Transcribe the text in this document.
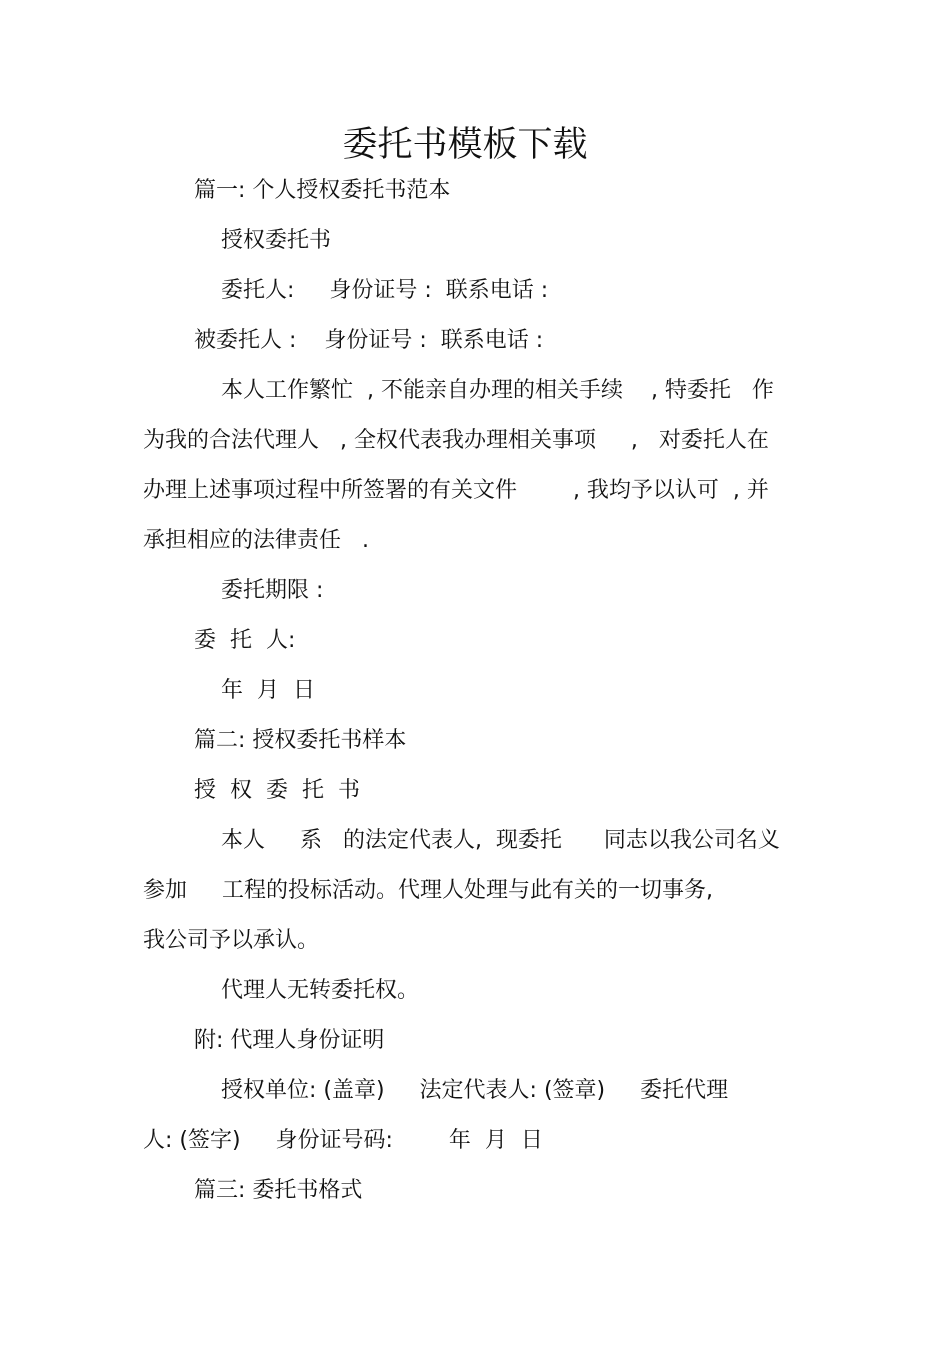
委托书模板下载
篇一: 个人授权委托书范本
授权委托书
委托人:     身份证号 :  联系电话 :
被委托人 :    身份证号 :  联系电话 :
本人工作繁忙  , 不能亲自办理的相关手续    , 特委托   作
为我的合法代理人   , 全权代表我办理相关事项     ,   对委托人在
办理上述事项过程中所签署的有关文件        , 我均予以认可  , 并
承担相应的法律责任   .
委托期限 :
委  托  人:
年  月  日
篇二: 授权委托书样本
授  权  委  托  书
本人     系   的法定代表人,  现委托      同志以我公司名义
参加     工程的投标活动。代理人处理与此有关的一切事务,
我公司予以承认。
代理人无转委托权。
附: 代理人身份证明
授权单位: (盖章)     法定代表人: (签章)     委托代理
人: (签字)     身份证号码:        年  月  日
篇三: 委托书格式
